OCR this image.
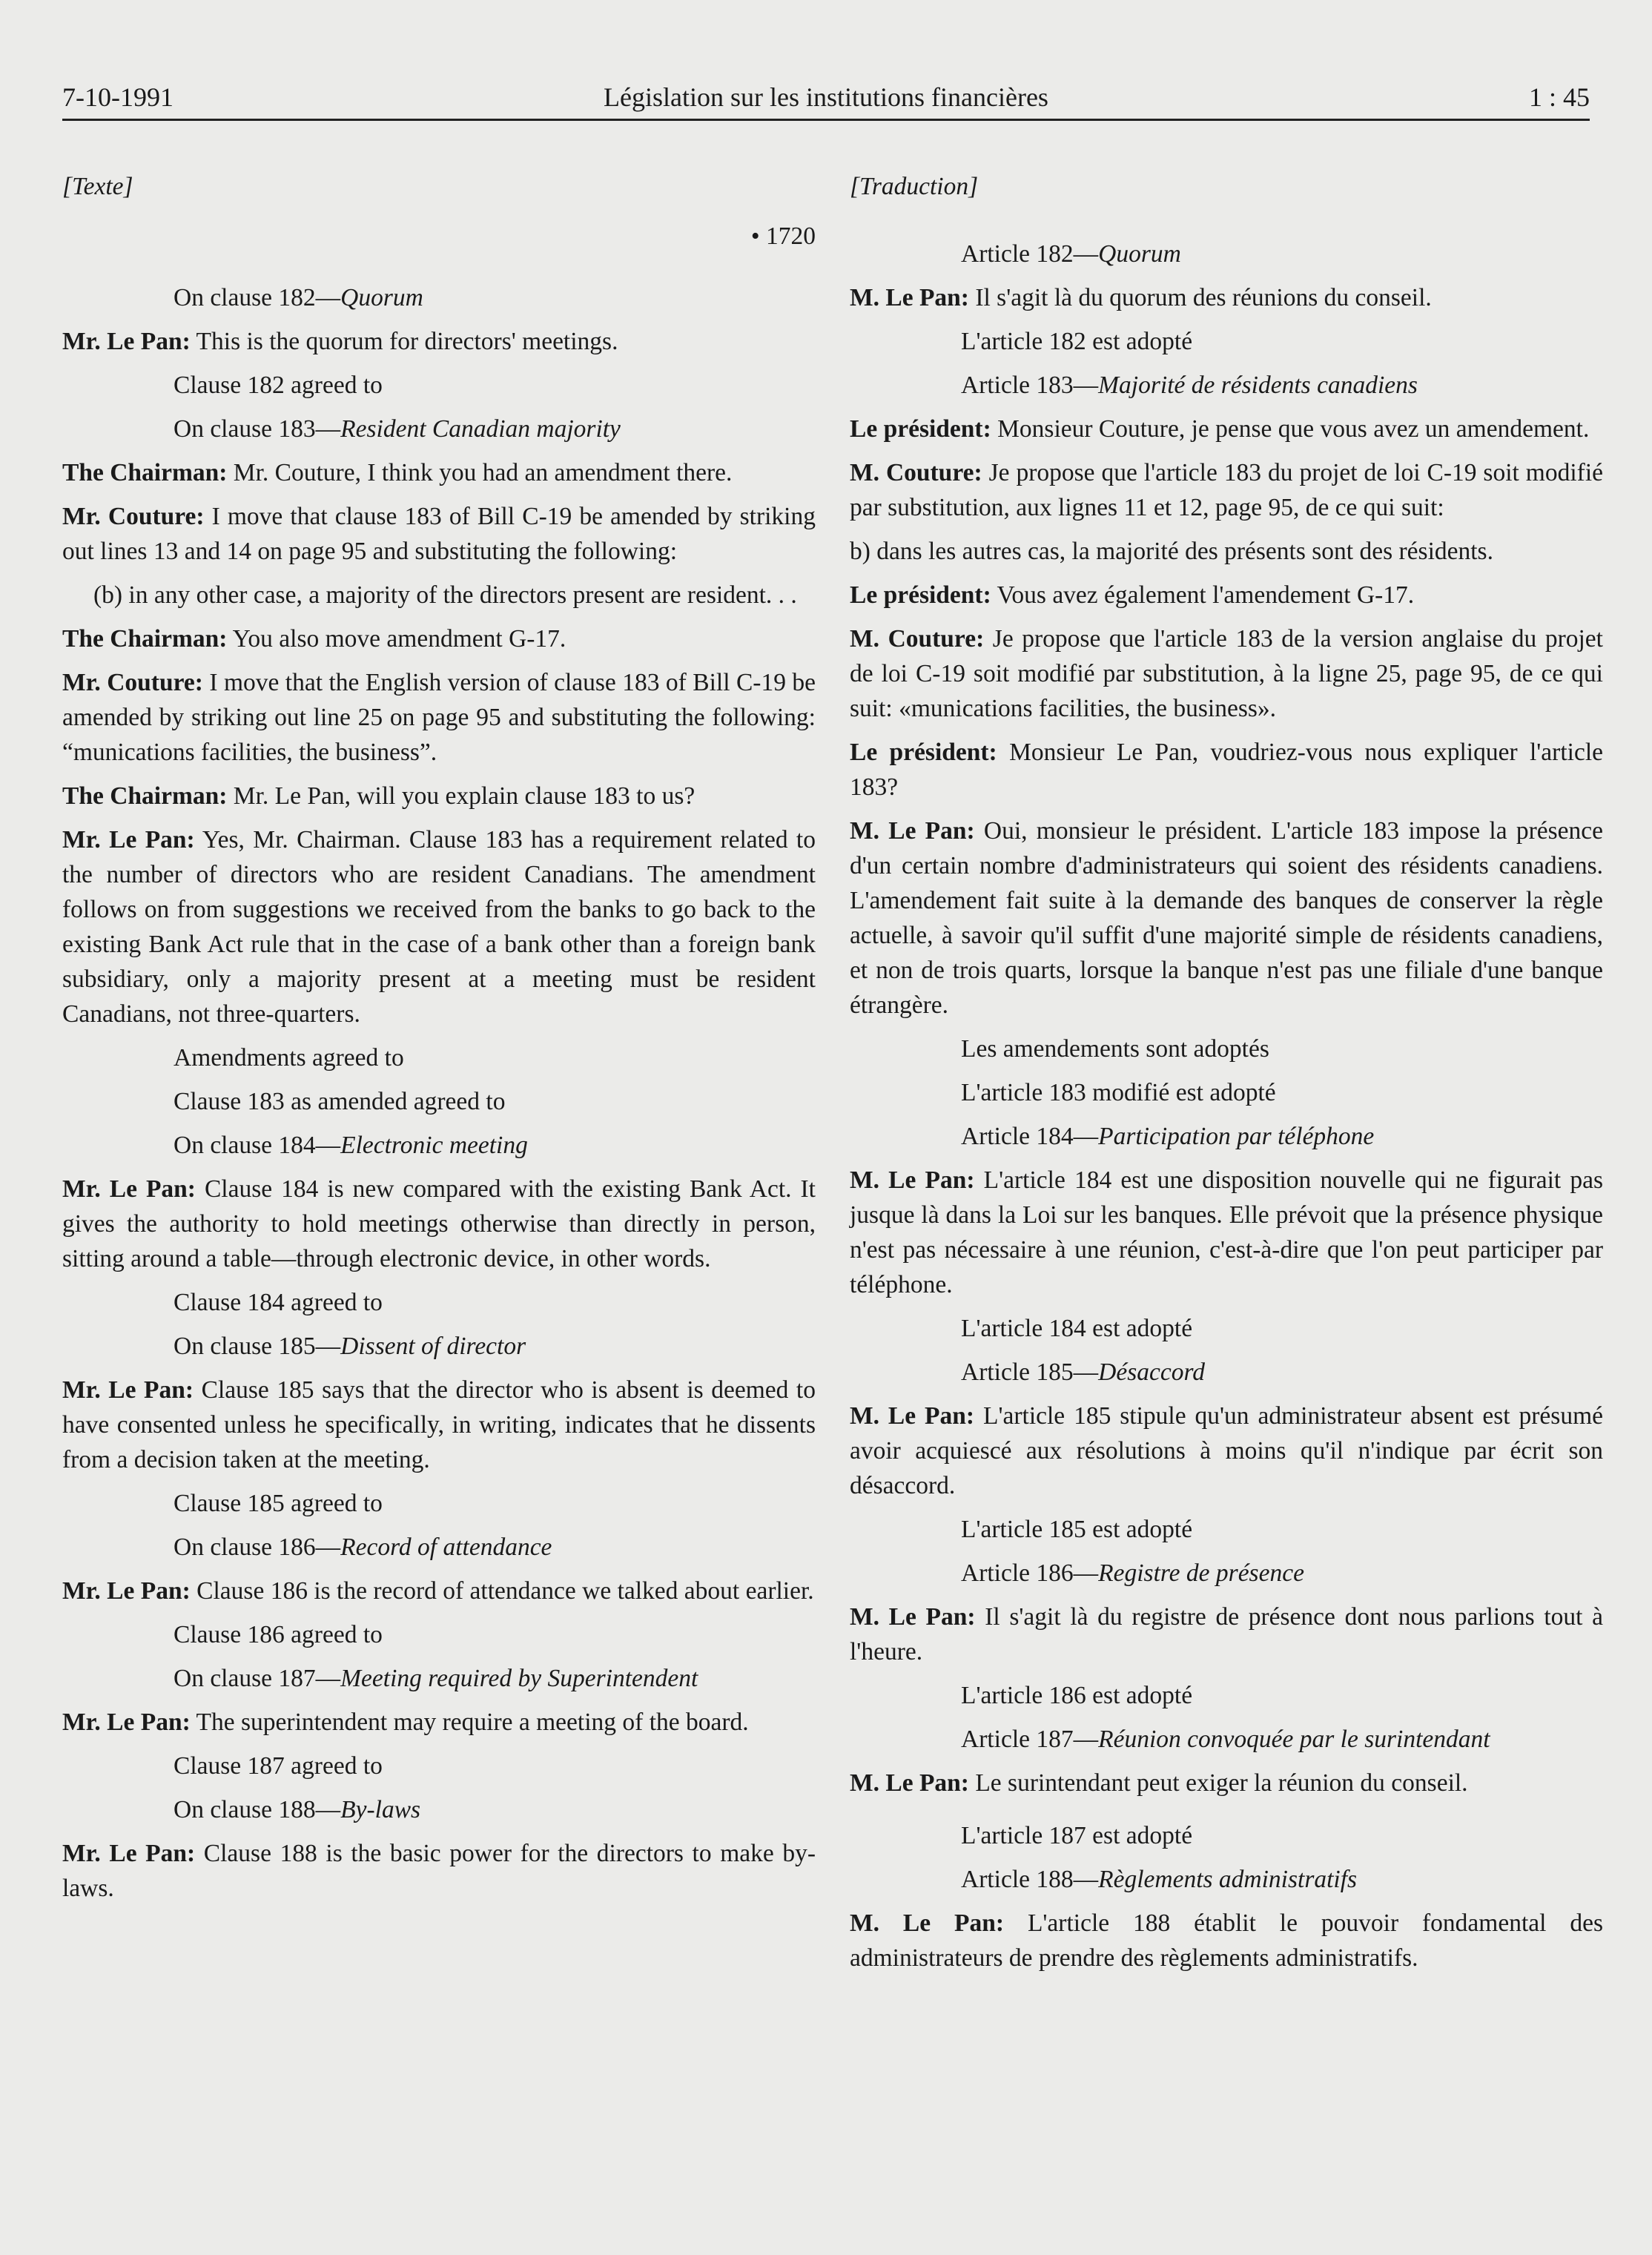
7-10-1991	Législation sur les institutions financières	1 : 45
[Texte]
• 1720
On clause 182—Quorum
Mr. Le Pan: This is the quorum for directors' meetings.
Clause 182 agreed to
On clause 183—Resident Canadian majority
The Chairman: Mr. Couture, I think you had an amendment there.
Mr. Couture: I move that clause 183 of Bill C-19 be amended by striking out lines 13 and 14 on page 95 and substituting the following:
(b) in any other case, a majority of the directors present are resident. . .
The Chairman: You also move amendment G-17.
Mr. Couture: I move that the English version of clause 183 of Bill C-19 be amended by striking out line 25 on page 95 and substituting the following: “munications facilities, the business”.
The Chairman: Mr. Le Pan, will you explain clause 183 to us?
Mr. Le Pan: Yes, Mr. Chairman. Clause 183 has a requirement related to the number of directors who are resident Canadians. The amendment follows on from suggestions we received from the banks to go back to the existing Bank Act rule that in the case of a bank other than a foreign bank subsidiary, only a majority present at a meeting must be resident Canadians, not three-quarters.
Amendments agreed to
Clause 183 as amended agreed to
On clause 184—Electronic meeting
Mr. Le Pan: Clause 184 is new compared with the existing Bank Act. It gives the authority to hold meetings otherwise than directly in person, sitting around a table—through electronic device, in other words.
Clause 184 agreed to
On clause 185—Dissent of director
Mr. Le Pan: Clause 185 says that the director who is absent is deemed to have consented unless he specifically, in writing, indicates that he dissents from a decision taken at the meeting.
Clause 185 agreed to
On clause 186—Record of attendance
Mr. Le Pan: Clause 186 is the record of attendance we talked about earlier.
Clause 186 agreed to
On clause 187—Meeting required by Superintendent
Mr. Le Pan: The superintendent may require a meeting of the board.
Clause 187 agreed to
On clause 188—By-laws
Mr. Le Pan: Clause 188 is the basic power for the directors to make by-laws.
[Traduction]
Article 182—Quorum
M. Le Pan: Il s'agit là du quorum des réunions du conseil.
L'article 182 est adopté
Article 183—Majorité de résidents canadiens
Le président: Monsieur Couture, je pense que vous avez un amendement.
M. Couture: Je propose que l'article 183 du projet de loi C-19 soit modifié par substitution, aux lignes 11 et 12, page 95, de ce qui suit:
b) dans les autres cas, la majorité des présents sont des résidents.
Le président: Vous avez également l'amendement G-17.
M. Couture: Je propose que l'article 183 de la version anglaise du projet de loi C-19 soit modifié par substitution, à la ligne 25, page 95, de ce qui suit: «munications facilities, the business».
Le président: Monsieur Le Pan, voudriez-vous nous expliquer l'article 183?
M. Le Pan: Oui, monsieur le président. L'article 183 impose la présence d'un certain nombre d'administrateurs qui soient des résidents canadiens. L'amendement fait suite à la demande des banques de conserver la règle actuelle, à savoir qu'il suffit d'une majorité simple de résidents canadiens, et non de trois quarts, lorsque la banque n'est pas une filiale d'une banque étrangère.
Les amendements sont adoptés
L'article 183 modifié est adopté
Article 184—Participation par téléphone
M. Le Pan: L'article 184 est une disposition nouvelle qui ne figurait pas jusque là dans la Loi sur les banques. Elle prévoit que la présence physique n'est pas nécessaire à une réunion, c'est-à-dire que l'on peut participer par téléphone.
L'article 184 est adopté
Article 185—Désaccord
M. Le Pan: L'article 185 stipule qu'un administrateur absent est présumé avoir acquiescé aux résolutions à moins qu'il n'indique par écrit son désaccord.
L'article 185 est adopté
Article 186—Registre de présence
M. Le Pan: Il s'agit là du registre de présence dont nous parlions tout à l'heure.
L'article 186 est adopté
Article 187—Réunion convoquée par le surintendant
M. Le Pan: Le surintendant peut exiger la réunion du conseil.
L'article 187 est adopté
Article 188—Règlements administratifs
M. Le Pan: L'article 188 établit le pouvoir fondamental des administrateurs de prendre des règlements administratifs.
